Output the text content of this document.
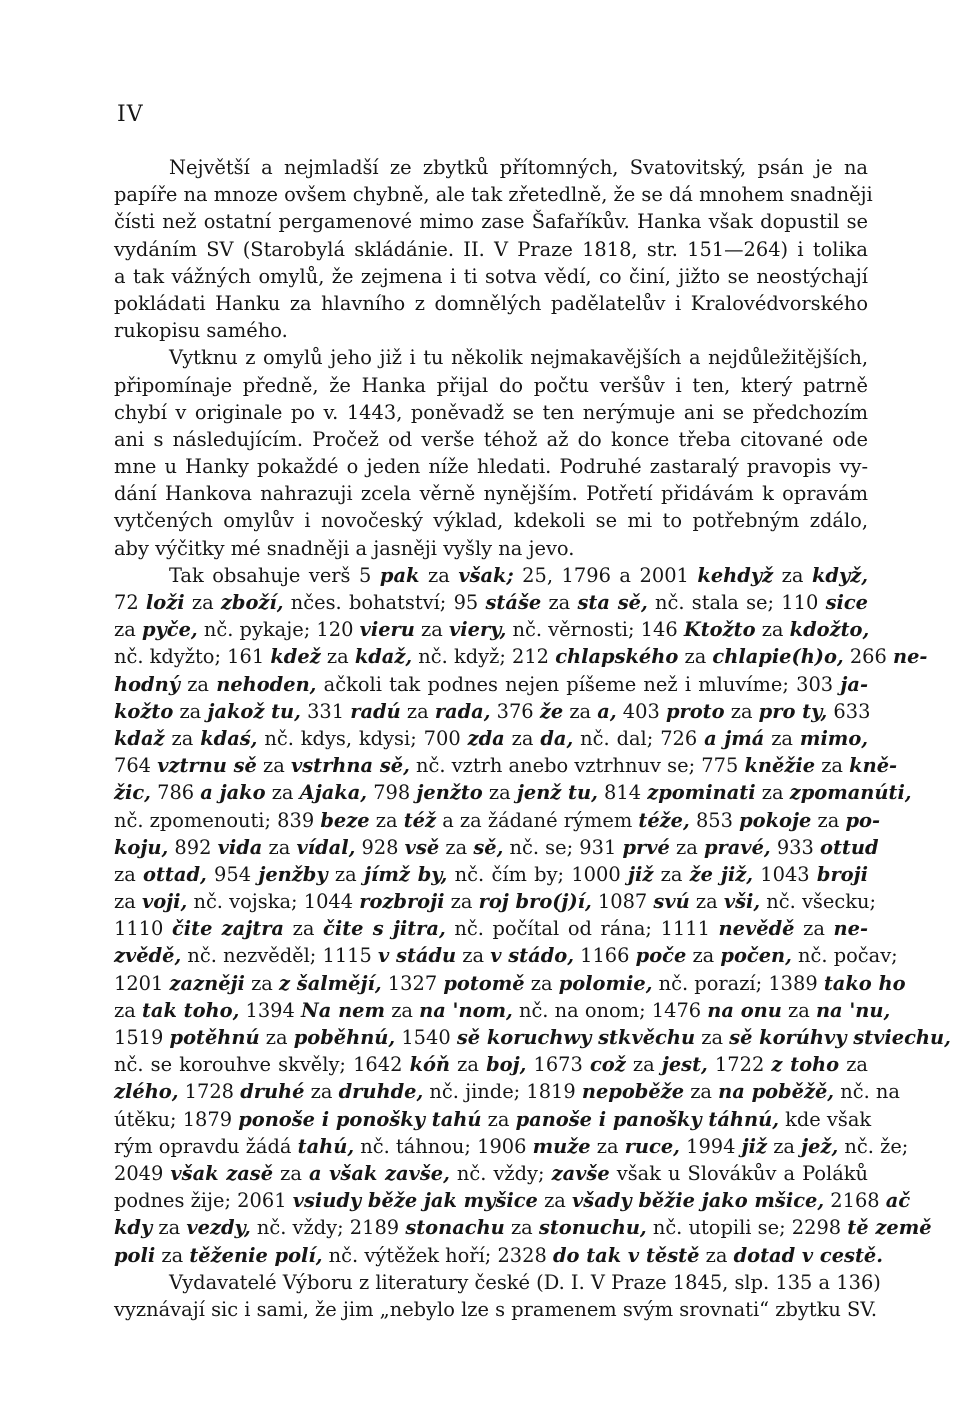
IV
Největší a nejmladší ze zbytků přítomných, Svatovitský, psán je na
papíře na mnoze ovšem chybně, ale tak zřetedlně, že se dá mnohem snadněji
čísti než ostatní pergamenové mimo zase Šafaříkův. Hanka však dopustil se
vydáním SV (Starobylá skládánie. II. V Praze 1818, str. 151—264) i tolika
a tak vážných omylů, že zejmena i ti sotva vědí, co činí, jižto se neostýchají
pokládati Hanku za hlavního z domnělých padělatelův i Kralovédvorského
rukopisu samého.
Vytknu z omylů jeho již i tu několik nejmakavějších a nejdůležitějších,
připomínaje předně, že Hanka přijal do počtu veršův i ten, který patrně
chybí v originale po v. 1443, poněvadž se ten nerýmuje ani se předchozím
ani s následujícím. Pročež od verše téhož až do konce třeba citované ode
mne u Hanky pokaždé o jeden níže hledati. Podruhé zastaralý pravopis vy-
dání Hankova nahrazuji zcela věrně nynějším. Potřetí přidávám k opravám
vytčených omylův i novočeský výklad, kdekoli se mi to potřebným zdálo,
aby výčitky mé snadněji a jasněji vyšly na jevo.
Tak obsahuje verš 5 pak za však; 25, 1796 a 2001 kehdyž za když,
72 loži za zboží, nčes. bohatství; 95 stáše za sta sě, nč. stala se; 110 sice
za pyče, nč. pykaje; 120 vieru za viery, nč. věrnosti; 146 Ktožto za kdožto,
nč. kdyžto; 161 kdež za kdaž, nč. když; 212 chlapského za chlapie(h)o, 266 ne-
hodný za nehoden, ačkoli tak podnes nejen píšeme než i mluvíme; 303 ja-
kožto za jakož tu, 331 radú za rada, 376 že za a, 403 proto za pro ty, 633
kdaž za kdaś, nč. kdys, kdysi; 700 zda za da, nč. dal; 726 a jmá za mimo,
764 vztrnu sě za vstrhna sě, nč. vztrh anebo vztrhnuv se; 775 kněžie za kně-
žic, 786 a jako za Ajaka, 798 jenžto za jenž tu, 814 zpominati za zpomanúti,
nč. zpomenouti; 839 beze za též a za žádané rýmem téže, 853 pokoje za po-
koju, 892 vida za vídal, 928 vsě za sě, nč. se; 931 prvé za pravé, 933 ottud
za ottad, 954 jenžby za jímž by, nč. čím by; 1000 již za že již, 1043 broji
za voji, nč. vojska; 1044 rozbroji za roj bro(j)í, 1087 svú za vši, nč. všecku;
1110 čite zajtra za čite s jitra, nč. počítal od rána; 1111 nevědě za ne-
zvědě, nč. nezvěděl; 1115 v stádu za v stádo, 1166 poče za počen, nč. počav;
1201 zazněji za z šalmějí, 1327 potomě za polomie, nč. porazí; 1389 tako ho
za tak toho, 1394 Na nem za na 'nom, nč. na onom; 1476 na onu za na 'nu,
1519 potěhnú za poběhnú, 1540 sě koruchwy stkvěchu za sě korúhvy stviechu,
nč. se korouhve skvěly; 1642 kóň za boj, 1673 což za jest, 1722 z toho za
zlého, 1728 druhé za druhde, nč. jinde; 1819 nepoběže za na poběžě, nč. na
útěku; 1879 ponoše i ponošky tahú za panoše i panošky táhnú, kde však
rým opravdu žádá tahú, nč. táhnou; 1906 muže za ruce, 1994 již za jež, nč. že;
2049 však zasě za a však zavše, nč. vždy; zavše však u Slovákův a Poláků
podnes žije; 2061 vsiudy běže jak myšice za všady běžie jako mšice, 2168 ač
kdy za vezdy, nč. vždy; 2189 stonachu za stonuchu, nč. utopili se; 2298 tě země
poli za těženie polí, nč. výtěžek hoří; 2328 do tak v těstě za dotad v cestě.
Vydavatelé Výboru z literatury české (D. I. V Praze 1845, slp. 135 a 136)
vyznávají sic i sami, že jim „nebylo lze s pramenem svým srovnati“ zbytku SV.
